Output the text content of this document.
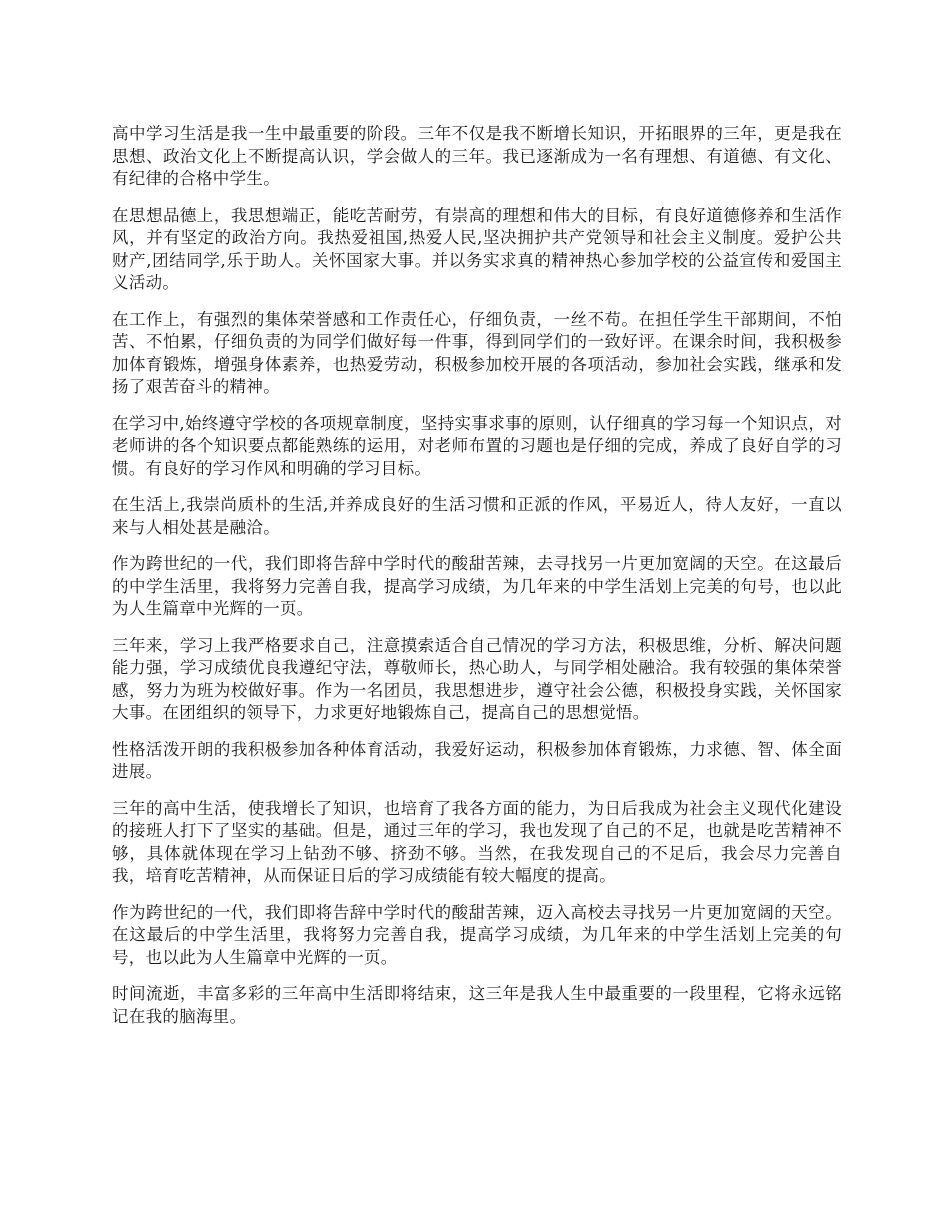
高中学习生活是我一生中最重要的阶段。三年不仅是我不断增长知识，开拓眼界的三年，更是我在思想、政治文化上不断提高认识，学会做人的三年。我已逐渐成为一名有理想、有道德、有文化、有纪律的合格中学生。

在思想品德上，我思想端正，能吃苦耐劳，有崇高的理想和伟大的目标，有良好道德修养和生活作风，并有坚定的政治方向。我热爱祖国,热爱人民,坚决拥护共产党领导和社会主义制度。爱护公共财产,团结同学,乐于助人。关怀国家大事。并以务实求真的精神热心参加学校的公益宣传和爱国主义活动。

在工作上，有强烈的集体荣誉感和工作责任心，仔细负责，一丝不苟。在担任学生干部期间，不怕苦、不怕累，仔细负责的为同学们做好每一件事，得到同学们的一致好评。在课余时间，我积极参加体育锻炼，增强身体素养，也热爱劳动，积极参加校开展的各项活动，参加社会实践，继承和发扬了艰苦奋斗的精神。

在学习中,始终遵守学校的各项规章制度，坚持实事求事的原则，认仔细真的学习每一个知识点，对老师讲的各个知识要点都能熟练的运用，对老师布置的习题也是仔细的完成，养成了良好自学的习惯。有良好的学习作风和明确的学习目标。

在生活上,我崇尚质朴的生活,并养成良好的生活习惯和正派的作风，平易近人，待人友好，一直以来与人相处甚是融洽。

作为跨世纪的一代，我们即将告辞中学时代的酸甜苦辣，去寻找另一片更加宽阔的天空。在这最后的中学生活里，我将努力完善自我，提高学习成绩，为几年来的中学生活划上完美的句号，也以此为人生篇章中光辉的一页。

三年来，学习上我严格要求自己，注意摸索适合自己情况的学习方法，积极思维，分析、解决问题能力强，学习成绩优良我遵纪守法，尊敬师长，热心助人，与同学相处融洽。我有较强的集体荣誉感，努力为班为校做好事。作为一名团员，我思想进步，遵守社会公德，积极投身实践，关怀国家大事。在团组织的领导下，力求更好地锻炼自己，提高自己的思想觉悟。

性格活泼开朗的我积极参加各种体育活动，我爱好运动，积极参加体育锻炼，力求德、智、体全面进展。

三年的高中生活，使我增长了知识，也培育了我各方面的能力，为日后我成为社会主义现代化建设的接班人打下了坚实的基础。但是，通过三年的学习，我也发现了自己的不足，也就是吃苦精神不够，具体就体现在学习上钻劲不够、挤劲不够。当然，在我发现自己的不足后，我会尽力完善自我，培育吃苦精神，从而保证日后的学习成绩能有较大幅度的提高。

作为跨世纪的一代，我们即将告辞中学时代的酸甜苦辣，迈入高校去寻找另一片更加宽阔的天空。在这最后的中学生活里，我将努力完善自我，提高学习成绩，为几年来的中学生活划上完美的句号，也以此为人生篇章中光辉的一页。

时间流逝，丰富多彩的三年高中生活即将结束，这三年是我人生中最重要的一段里程，它将永远铭记在我的脑海里。
